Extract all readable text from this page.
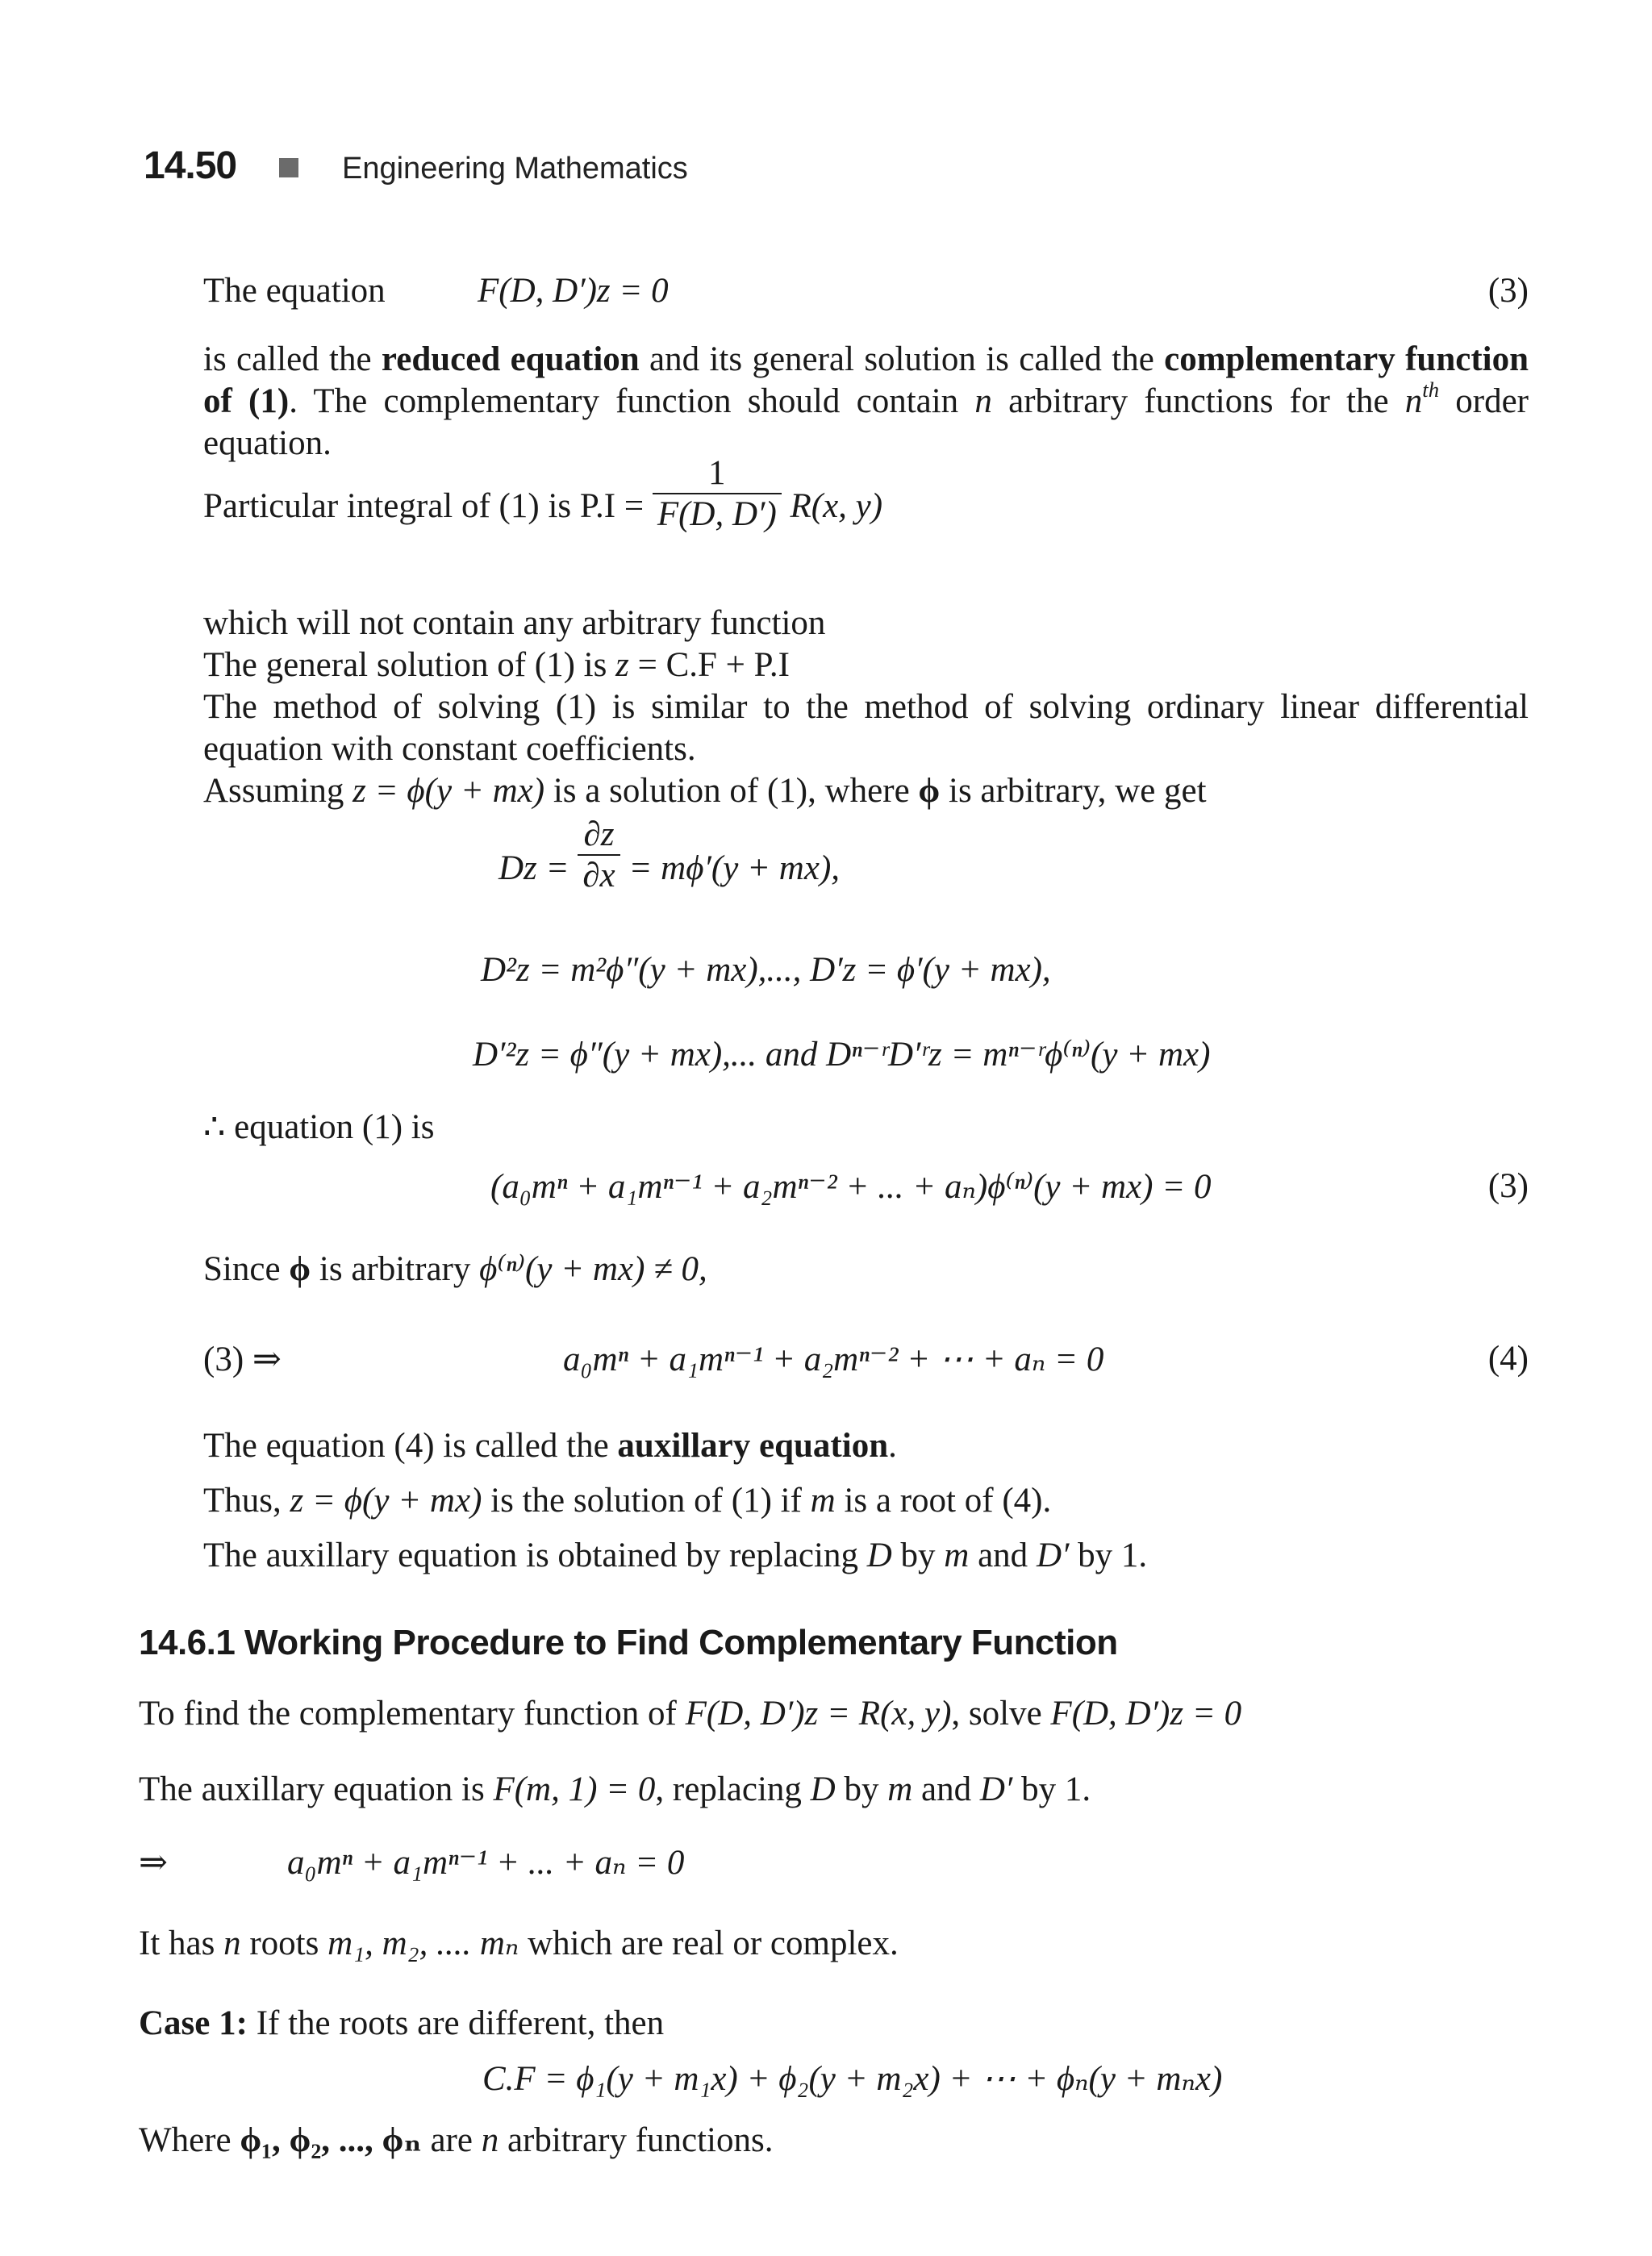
14.50	Engineering Mathematics
The equation	F(D, D′)z = 0	(3)
is called the reduced equation and its general solution is called the complementary function of (1). The complementary function should contain n arbitrary functions for the $n^{th}$ order equation.
Particular integral of (1) is $P.I = \frac{1}{F(D, D')} R(x$, y)
which will not contain any arbitrary function
The general solution of (1) is z = C.F + P.I
The method of solving (1) is similar to the method of solving ordinary linear differential equation with constant coefficients.
Assuming z = ϕ(y + mx) is a solution of (1), where ϕ is arbitrary, we get
$Dz = \frac{\partial z}{\partial x} = m\phi'(y + mx)$,
D²z = m²ϕ″(y + mx),..., D′z = ϕ′(y + mx),
D′²z = ϕ″(y + mx),... and Dⁿ⁻ʳD′ʳz = mⁿ⁻ʳϕ⁽ⁿ⁾(y + mx)
∴ equation (1) is
(a₀mⁿ + a₁mⁿ⁻¹ + a₂mⁿ⁻² + ... + aₙ)ϕ⁽ⁿ⁾(y + mx) = 0	(3)
Since ϕ is arbitrary ϕ⁽ⁿ⁾(y + mx) ≠ 0,
(3) ⇒	a₀mⁿ + a₁mⁿ⁻¹ + a₂mⁿ⁻² + ⋯ + aₙ = 0	(4)
The equation (4) is called the auxillary equation.
Thus, z = ϕ(y + mx) is the solution of (1) if m is a root of (4).
The auxillary equation is obtained by replacing D by m and D′ by 1.
14.6.1 Working Procedure to Find Complementary Function
To find the complementary function of F(D, D′)z = R(x, y), solve F(D, D′)z = 0
The auxillary equation is F(m, 1) = 0, replacing D by m and D′ by 1.
⇒	a₀mⁿ + a₁mⁿ⁻¹ + ... + aₙ = 0
It has n roots m₁, m₂, .... mₙ which are real or complex.
Case 1: If the roots are different, then
C.F = ϕ₁(y + m₁x) + ϕ₂(y + m₂x) + ⋯ + ϕₙ(y + mₙx)
Where ϕ₁, ϕ₂, ..., ϕₙ are n arbitrary functions.
